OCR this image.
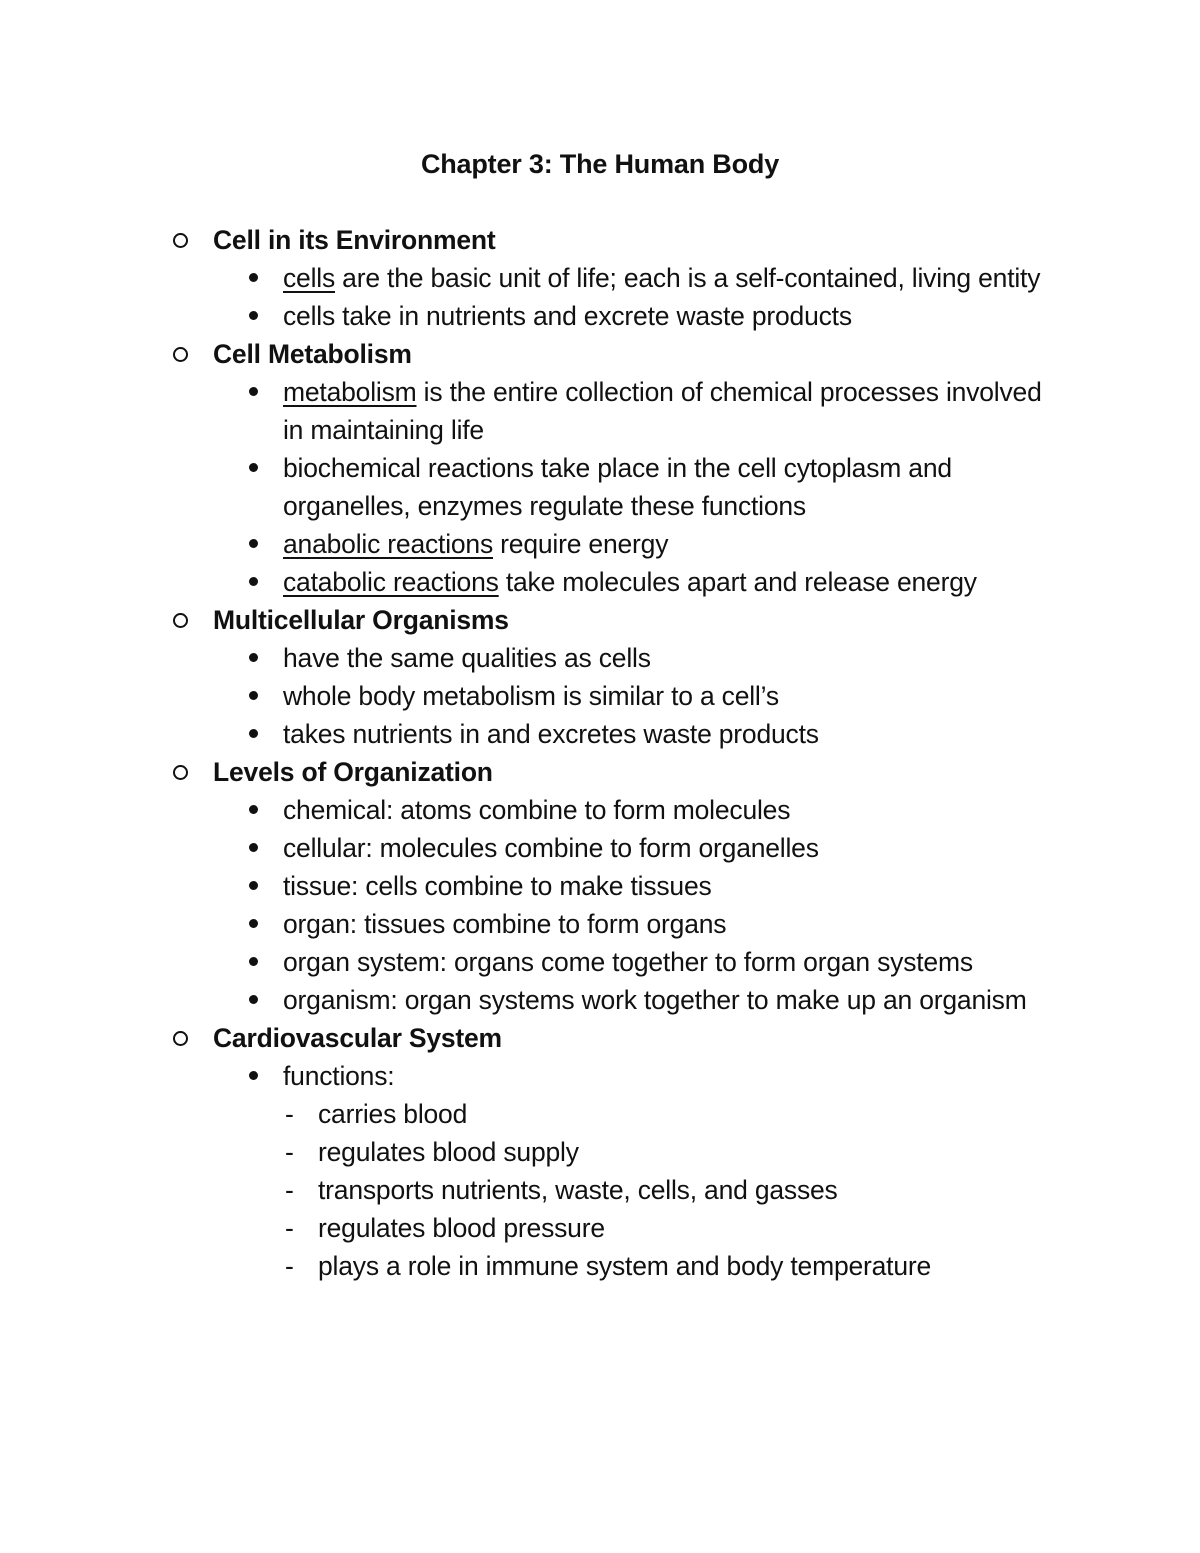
Chapter 3: The Human Body
Cell in its Environment
cells are the basic unit of life; each is a self-contained, living entity
cells take in nutrients and excrete waste products
Cell Metabolism
metabolism is the entire collection of chemical processes involved in maintaining life
biochemical reactions take place in the cell cytoplasm and organelles, enzymes regulate these functions
anabolic reactions require energy
catabolic reactions take molecules apart and release energy
Multicellular Organisms
have the same qualities as cells
whole body metabolism is similar to a cell’s
takes nutrients in and excretes waste products
Levels of Organization
chemical: atoms combine to form molecules
cellular: molecules combine to form organelles
tissue: cells combine to make tissues
organ: tissues combine to form organs
organ system: organs come together to form organ systems
organism: organ systems work together to make up an organism
Cardiovascular System
functions:
- carries blood
- regulates blood supply
- transports nutrients, waste, cells, and gasses
- regulates blood pressure
- plays a role in immune system and body temperature
